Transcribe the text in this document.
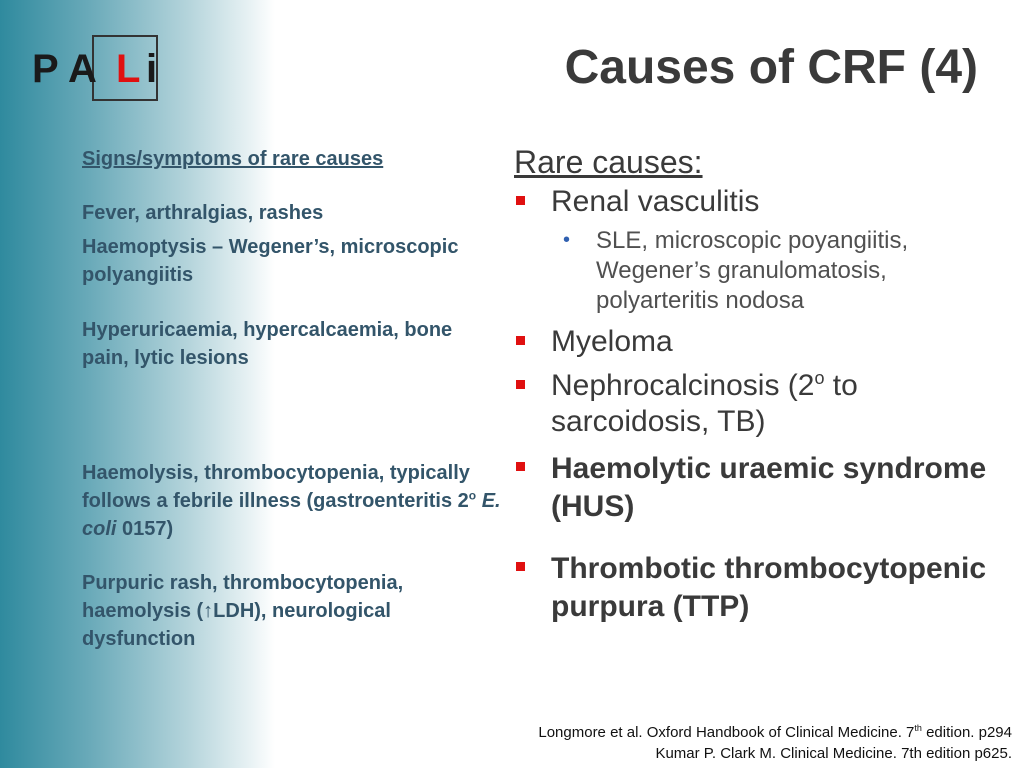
P A L i	Causes of CRF (4)

Signs/symptoms of rare causes

Fever, arthralgias, rashes

Haemoptysis – Wegener’s, microscopic polyangiitis

Hyperuricaemia, hypercalcaemia, bone pain, lytic lesions

Haemolysis, thrombocytopenia, typically follows a febrile illness (gastroenteritis 2$^o$ E. coli 0157)

Purpuric rash, thrombocytopenia, haemolysis (↑LDH), neurological dysfunction

Rare causes:
Renal vasculitis
• SLE, microscopic poyangiitis, Wegener’s granulomatosis, polyarteritis nodosa
Myeloma
Nephrocalcinosis (2$^o$ to sarcoidosis, TB)
Haemolytic uraemic syndrome (HUS)
Thrombotic thrombocytopenic purpura (TTP)
Longmore et al. Oxford Handbook of Clinical Medicine. 7th edition. p294
Kumar P. Clark M. Clinical Medicine. 7th edition p625.
